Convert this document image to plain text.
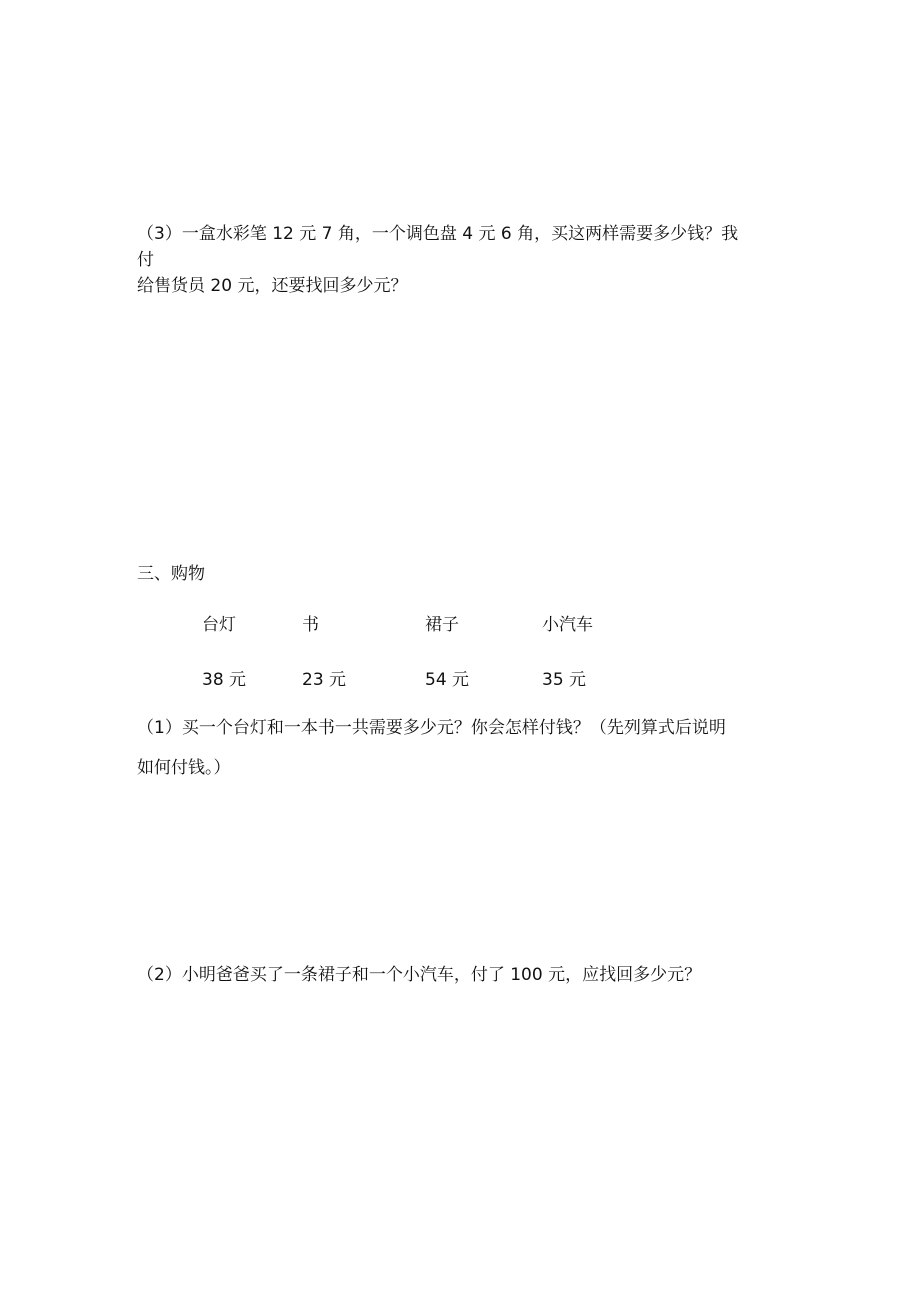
（3）一盒水彩笔 12 元 7 角，一个调色盘 4 元 6 角，买这两样需要多少钱？我
付
给售货员 20 元，还要找回多少元？
三、购物
台灯	书	裙子	小汽车
38 元	23 元	54 元	35 元
（1）买一个台灯和一本书一共需要多少元？你会怎样付钱？（先列算式后说明
如何付钱。）
（2）小明爸爸买了一条裙子和一个小汽车，付了 100 元，应找回多少元？
